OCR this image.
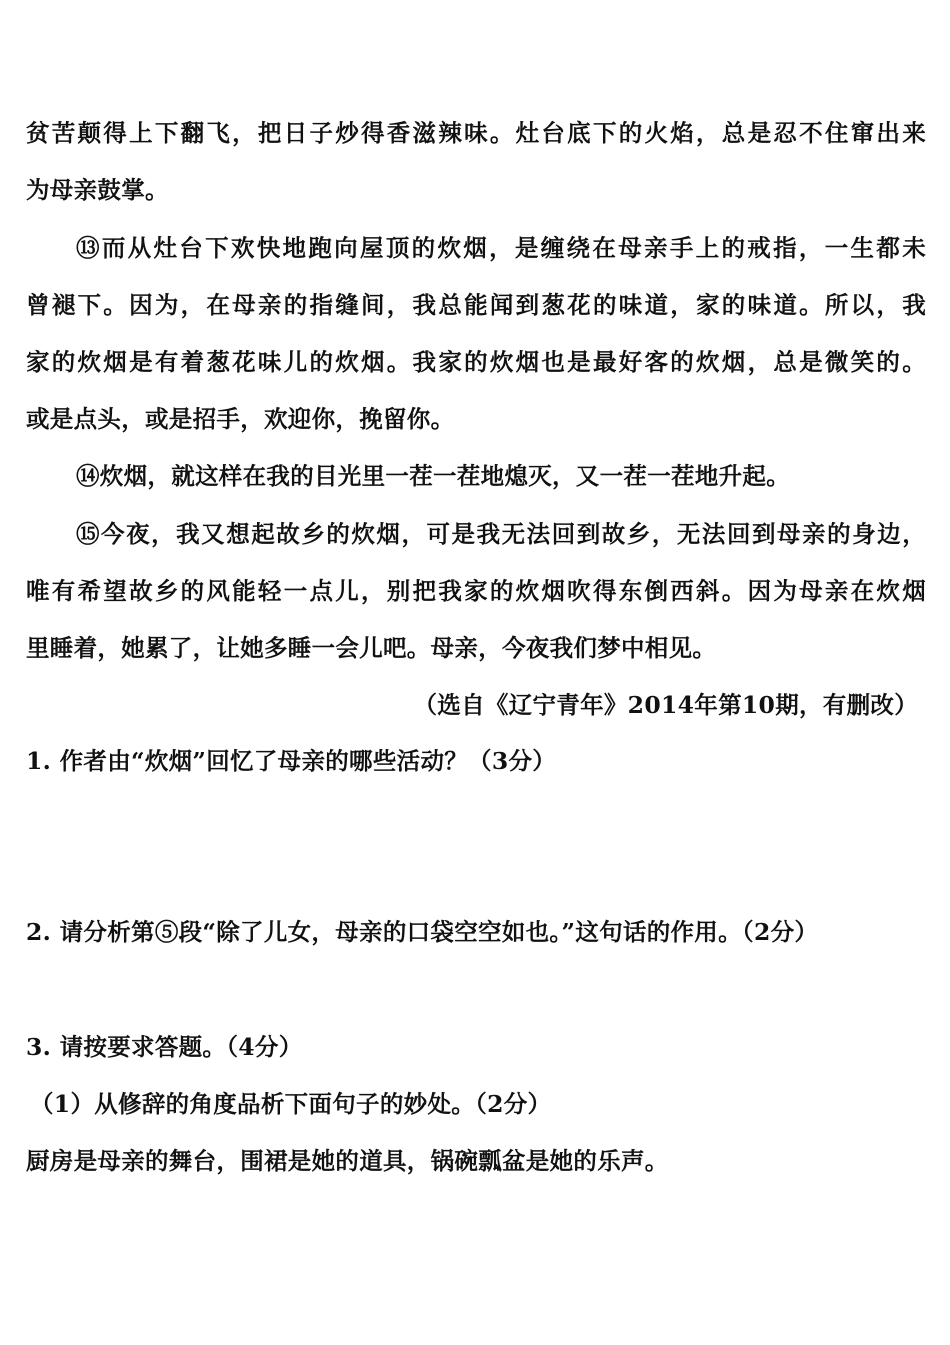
贫苦颠得上下翻飞，把日子炒得香滋辣味。灶台底下的火焰，总是忍不住窜出来
为母亲鼓掌。
⑬而从灶台下欢快地跑向屋顶的炊烟，是缠绕在母亲手上的戒指，一生都未
曾褪下。因为，在母亲的指缝间，我总能闻到葱花的味道，家的味道。所以，我
家的炊烟是有着葱花味儿的炊烟。我家的炊烟也是最好客的炊烟，总是微笑的。
或是点头，或是招手，欢迎你，挽留你。
⑭炊烟，就这样在我的目光里一茬一茬地熄灭，又一茬一茬地升起。
⑮今夜，我又想起故乡的炊烟，可是我无法回到故乡，无法回到母亲的身边，
唯有希望故乡的风能轻一点儿，别把我家的炊烟吹得东倒西斜。因为母亲在炊烟
里睡着，她累了，让她多睡一会儿吧。母亲，今夜我们梦中相见。
（选自《辽宁青年》2014年第10期，有删改）
1. 作者由“炊烟”回忆了母亲的哪些活动？（3分）
2. 请分析第⑤段“除了儿女，母亲的口袋空空如也。”这句话的作用。（2分）
3. 请按要求答题。（4分）
（1）从修辞的角度品析下面句子的妙处。（2分）
厨房是母亲的舞台，围裙是她的道具，锅碗瓢盆是她的乐声。
